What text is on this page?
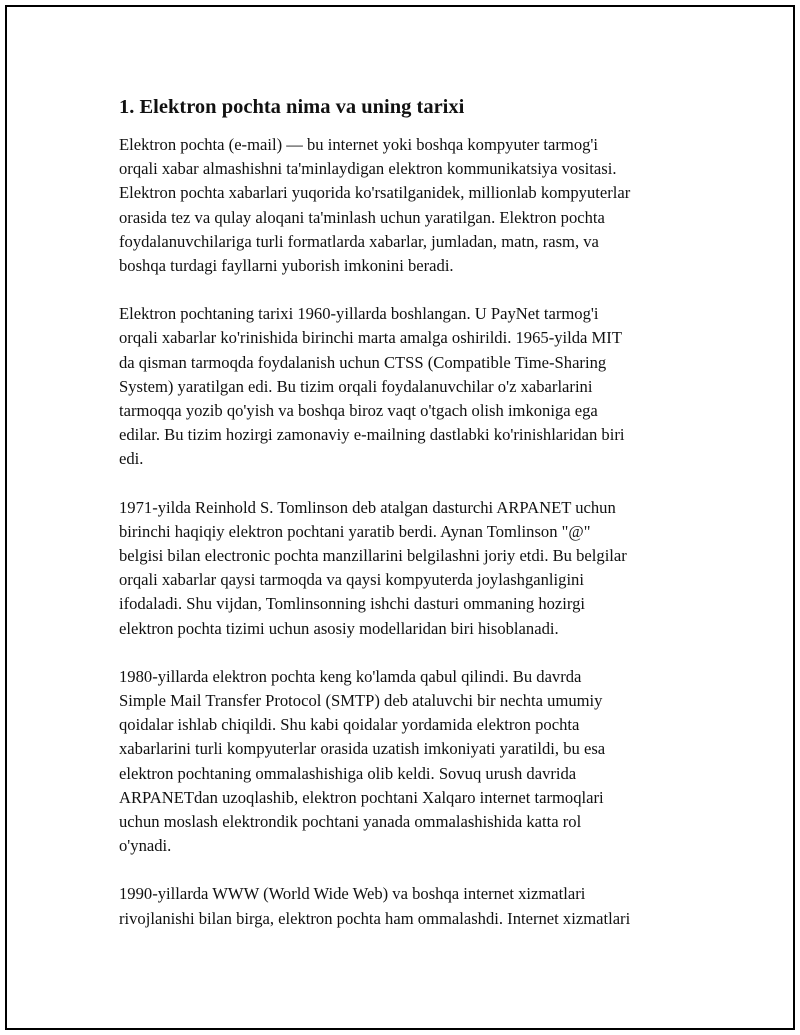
1. Elektron pochta nima va uning tarixi

Elektron pochta (e-mail) — bu internet yoki boshqa kompyuter tarmog'i
orqali xabar almashishni ta'minlaydigan elektron kommunikatsiya vositasi.
Elektron pochta xabarlari yuqorida ko'rsatilganidek, millionlab kompyuterlar
orasida tez va qulay aloqani ta'minlash uchun yaratilgan. Elektron pochta
foydalanuvchilariga turli formatlarda xabarlar, jumladan, matn, rasm, va
boshqa turdagi fayllarni yuborish imkonini beradi.

Elektron pochtaning tarixi 1960-yillarda boshlangan. U PayNet tarmog'i
orqali xabarlar ko'rinishida birinchi marta amalga oshirildi. 1965-yilda MIT
da qisman tarmoqda foydalanish uchun CTSS (Compatible Time-Sharing
System) yaratilgan edi. Bu tizim orqali foydalanuvchilar o'z xabarlarini
tarmoqqa yozib qo'yish va boshqa biroz vaqt o'tgach olish imkoniga ega
edilar. Bu tizim hozirgi zamonaviy e-mailning dastlabki ko'rinishlaridan biri
edi.

1971-yilda Reinhold S. Tomlinson deb atalgan dasturchi ARPANET uchun
birinchi haqiqiy elektron pochtani yaratib berdi. Aynan Tomlinson "@"
belgisi bilan electronic pochta manzillarini belgilashni joriy etdi. Bu belgilar
orqali xabarlar qaysi tarmoqda va qaysi kompyuterda joylashganligini
ifodaladi. Shu vijdan, Tomlinsonning ishchi dasturi ommaning hozirgi
elektron pochta tizimi uchun asosiy modellaridan biri hisoblanadi.

1980-yillarda elektron pochta keng ko'lamda qabul qilindi. Bu davrda
Simple Mail Transfer Protocol (SMTP) deb ataluvchi bir nechta umumiy
qoidalar ishlab chiqildi. Shu kabi qoidalar yordamida elektron pochta
xabarlarini turli kompyuterlar orasida uzatish imkoniyati yaratildi, bu esa
elektron pochtaning ommalashishiga olib keldi. Sovuq urush davrida
ARPANETdan uzoqlashib, elektron pochtani Xalqaro internet tarmoqlari
uchun moslash elektrondik pochtani yanada ommalashishida katta rol
o'ynadi.

1990-yillarda WWW (World Wide Web) va boshqa internet xizmatlari
rivojlanishi bilan birga, elektron pochta ham ommalashdi. Internet xizmatlari
